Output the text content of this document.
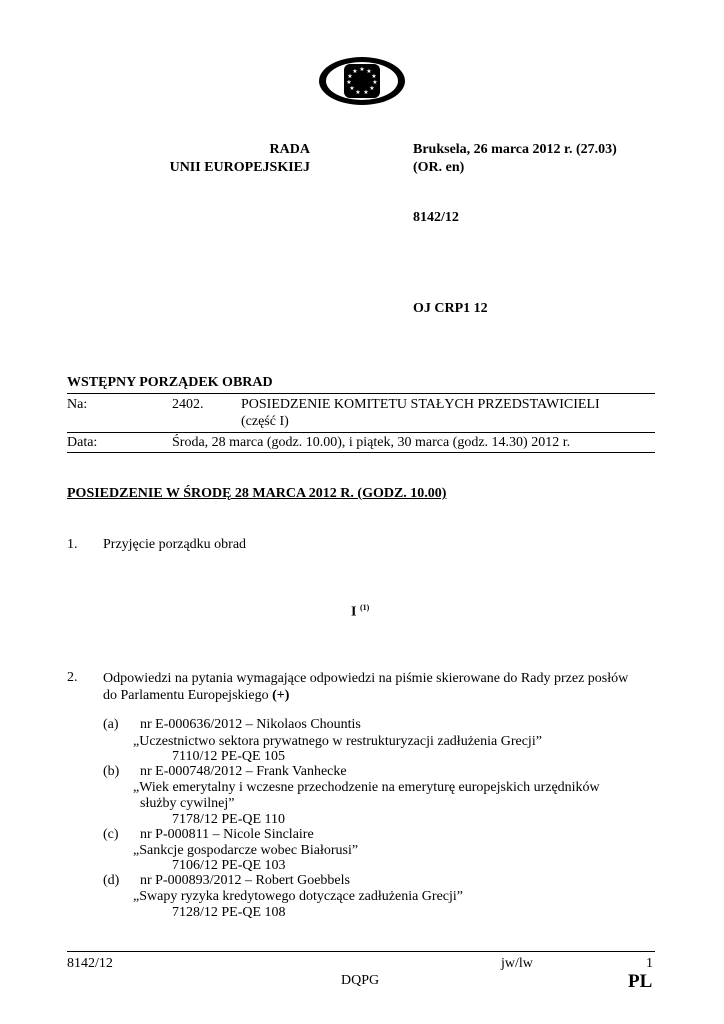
★ ★
★
★
★
★
★
★
★
★
★
RADA
UNII EUROPEJSKIEJ
Bruksela, 26 marca 2012 r. (27.03)
(OR. en)
8142/12
OJ CRP1 12
WSTĘPNY PORZĄDEK OBRAD
Na:	2402.	POSIEDZENIE KOMITETU STAŁYCH PRZEDSTAWICIELI
(część I)
Data:	Środa, 28 marca (godz. 10.00), i piątek, 30 marca (godz. 14.30) 2012 r.
POSIEDZENIE W ŚRODĘ 28 MARCA 2012 R. (GODZ. 10.00)
1. Przyjęcie porządku obrad
I $^{(1)}$
2. Odpowiedzi na pytania wymagające odpowiedzi na piśmie skierowane do Rady przez posłów
do Parlamentu Europejskiego (+)
(a) nr E-000636/2012 – Nikolaos Chountis
„Uczestnictwo sektora prywatnego w restrukturyzacji zadłużenia Grecji”
7110/12 PE-QE 105
(b) nr E-000748/2012 – Frank Vanhecke
„Wiek emerytalny i wczesne przechodzenie na emeryturę europejskich urzędników
służby cywilnej”
7178/12 PE-QE 110
(c) nr P-000811 – Nicole Sinclaire
„Sankcje gospodarcze wobec Białorusi”
7106/12 PE-QE 103
(d) nr P-000893/2012 – Robert Goebbels
„Swapy ryzyka kredytowego dotyczące zadłużenia Grecji”
7128/12 PE-QE 108
8142/12	jw/lw	1
DQPG	PL
